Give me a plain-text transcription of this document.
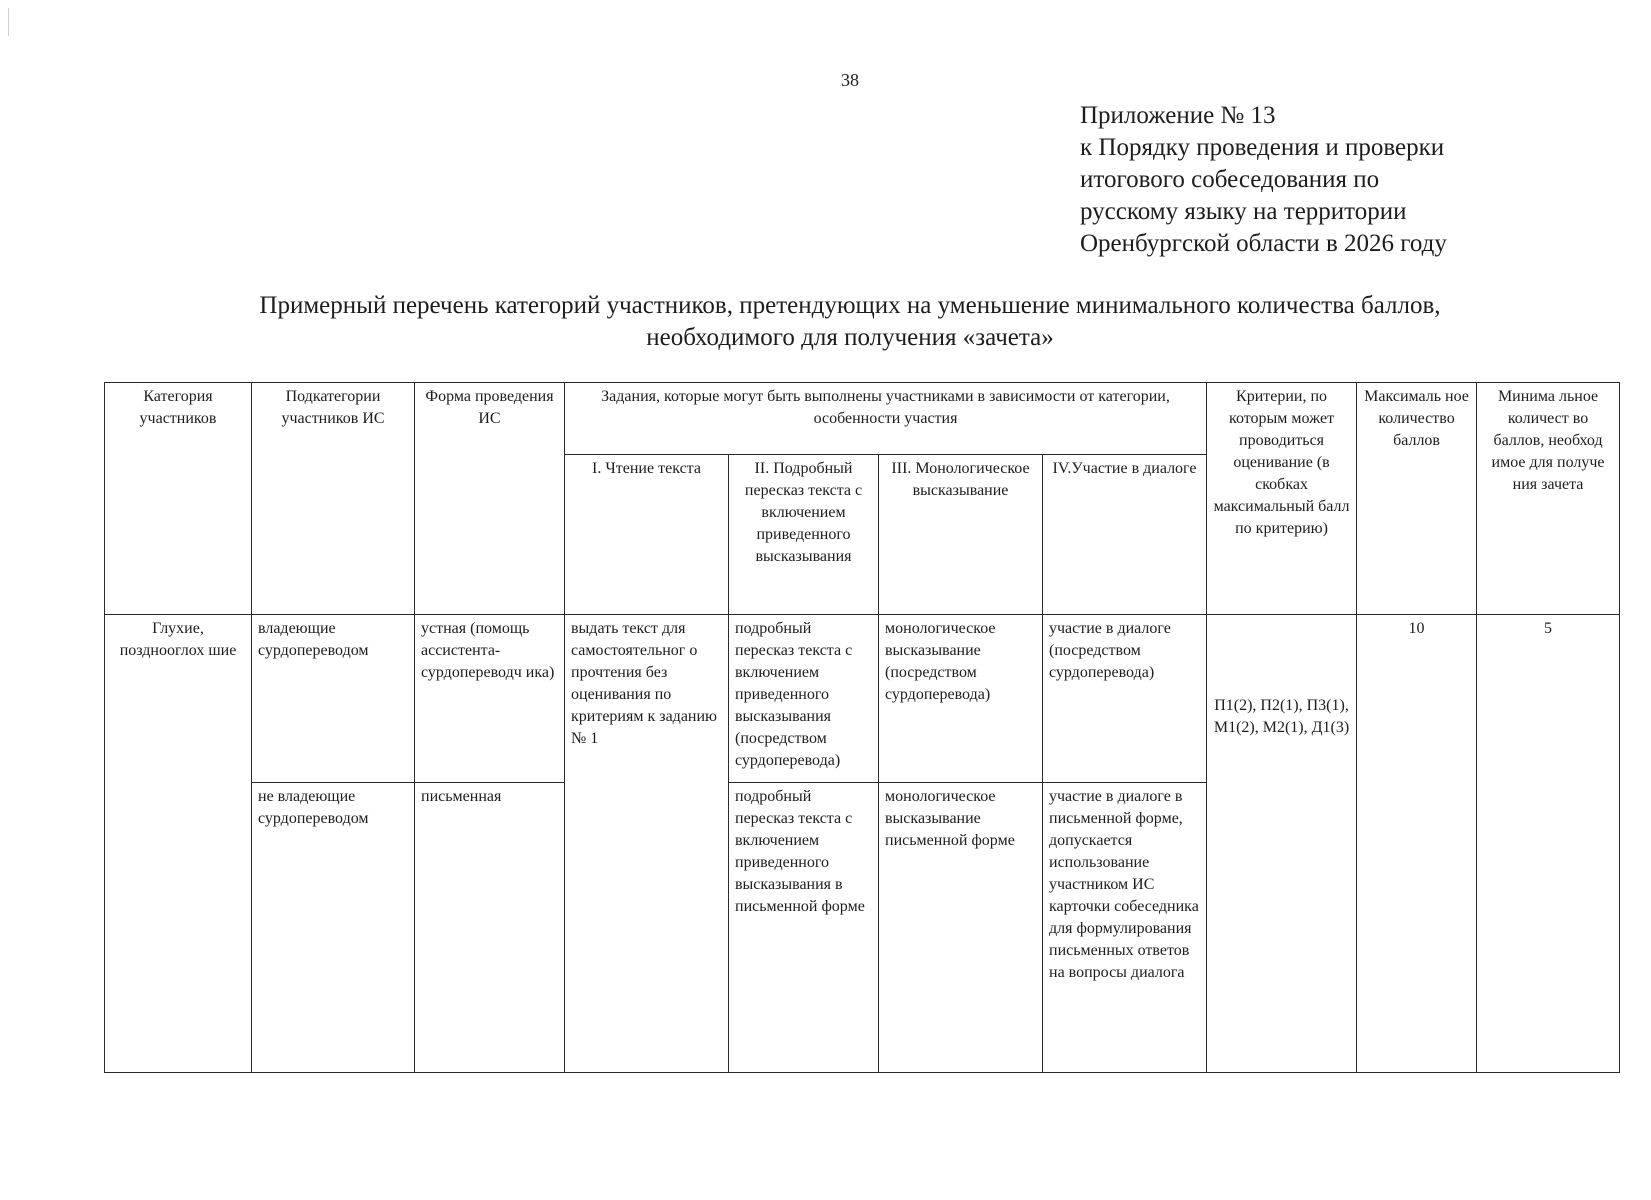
38
Приложение № 13
к Порядку проведения и проверки
итогового собеседования по
русскому языку на территории
Оренбургской области в 2026 году
Примерный перечень категорий участников, претендующих на уменьшение минимального количества баллов,
необходимого для получения «зачета»
Категория участников	Подкатегории участников ИС	Форма проведения ИС	Задания, которые могут быть выполнены участниками в зависимости от категории, особенности участия				Критерии, по которым может проводиться оценивание (в скобках максимальный балл по критерию)	Максималь ное количество баллов	Минима льное количест во баллов, необход имое для получе ния зачета
			I. Чтение текста	II. Подробный пересказ текста с включением приведенного высказывания	III. Монологическое высказывание	IV.Участие в диалоге			
Глухие, позднооглох шие	владеющие сурдопереводом	устная (помощь ассистента- сурдопереводч ика)	выдать текст для самостоятельног о прочтения без оценивания по критериям к заданию № 1	подробный пересказ текста с включением приведенного высказывания (посредством сурдоперевода)	монологическое высказывание (посредством сурдоперевода)	участие в диалоге (посредством сурдоперевода)	П1(2), П2(1), П3(1), М1(2), М2(1), Д1(3)	10	5
	не владеющие сурдопереводом	письменная		подробный пересказ текста с включением приведенного высказывания в письменной форме	монологическое высказывание письменной форме	участие в диалоге в письменной форме, допускается использование участником ИС карточки собеседника для формулирования письменных ответов на вопросы диалога			
